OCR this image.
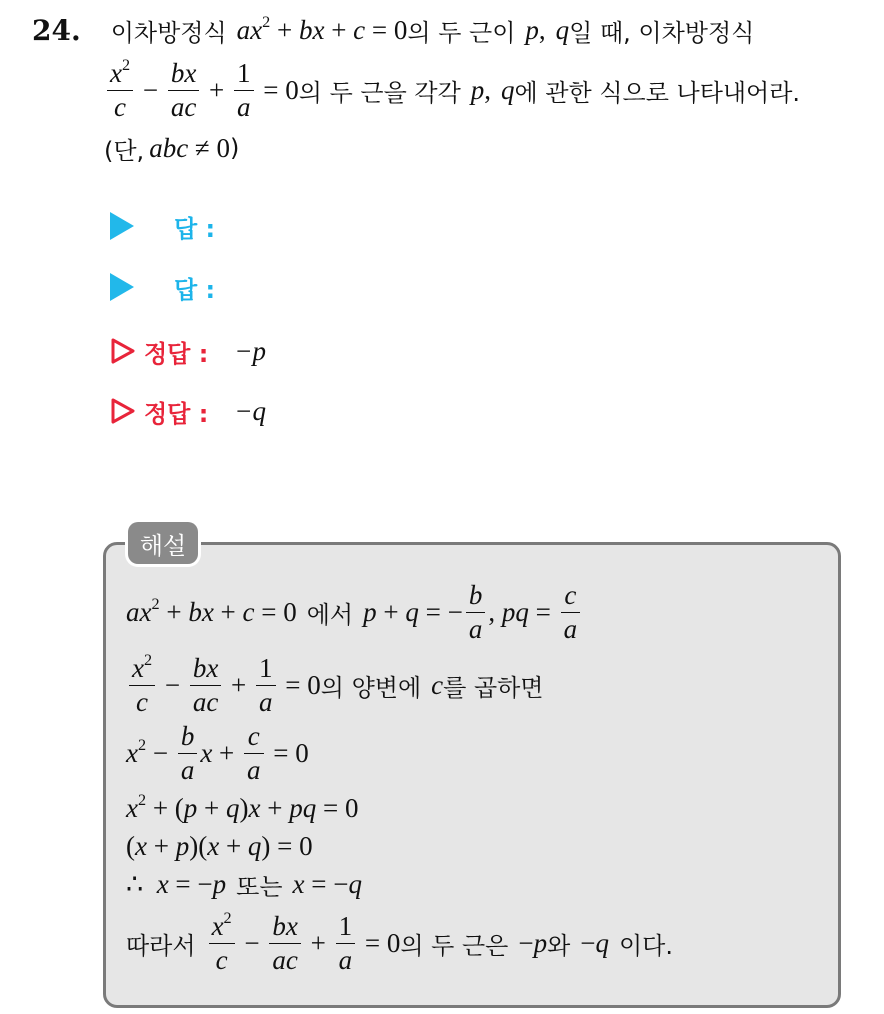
24. 이차방정식 $ax^2$ + bx + c = 0 의 두 근이 p , q 일 때, 이차방정식
$\frac{x^2}{c} - \frac{bx}{ac} + \frac{1}{a} = 0$ 의 두 근을 각각 p , q 에 관한 식으로 나타내어라.
(단, abc ≠ 0 )
답 :
답 :
정답 : −p
정답 : −q
해설
$ax^2$ + bx + c = 0 에서 p + q = − $\frac{b}{a}$ , pq = $\frac{c}{a}$
$\frac{x^2}{c} - \frac{bx}{ac} + \frac{1}{a} = 0$ 의 양변에 c 를 곱하면
$x^2 - \frac{b}{a}$ $x + \frac{c}{a} = 0$
$x^2 + (p + q)x$ + pq = 0
(x + p)(x + q) = 0
∴ x = −p 또는 x = −q
따라서 $\frac{x^2}{c} - \frac{bx}{ac} + \frac{1}{a} = 0$ 의 두 근은 −p 와 −q 이다.
